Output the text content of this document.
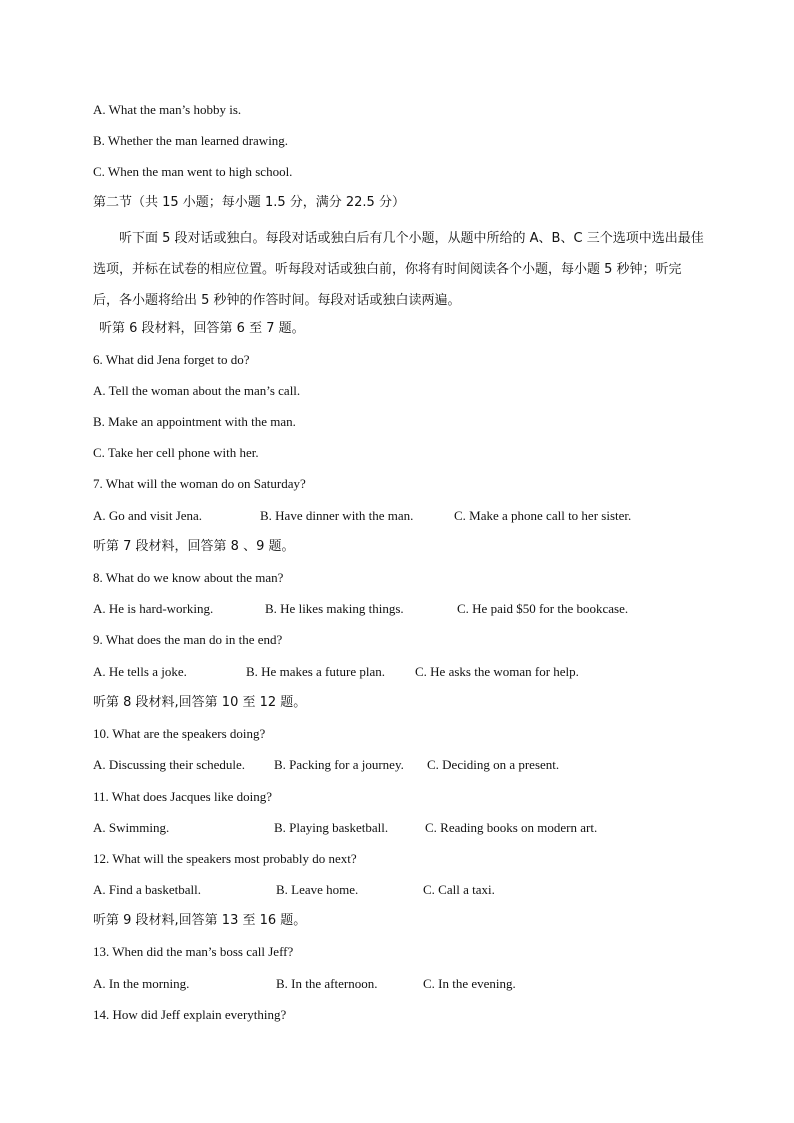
A. What the man’s hobby is.
B. Whether the man learned drawing.
C. When the man went to high school.
第二节（共 15 小题；每小题 1.5 分，满分 22.5 分）
听下面 5 段对话或独白。每段对话或独白后有几个小题，从题中所给的 A、B、C 三个选项中选出最佳选项，并标在试卷的相应位置。听每段对话或独白前，你将有时间阅读各个小题，每小题 5 秒钟；听完后，各小题将给出 5 秒钟的作答时间。每段对话或独白读两遍。
听第 6 段材料，回答第 6 至 7 题。
6. What did Jena forget to do?
A. Tell the woman about the man’s call.
B. Make an appointment with the man.
C. Take her cell phone with her.
7. What will the woman do on Saturday?
A. Go and visit Jena.	B. Have dinner with the man.	C. Make a phone call to her sister.
听第 7 段材料，回答第 8 、9 题。
8. What do we know about the man?
A. He is hard-working.	B. He likes making things.	C. He paid $50 for the bookcase.
9. What does the man do in the end?
A. He tells a joke.	B. He makes a future plan. C. He asks the woman for help.
听第 8 段材料,回答第 10 至 12 题。
10. What are the speakers doing?
A. Discussing their schedule. B. Packing for a journey. C. Deciding on a present.
11. What does Jacques like doing?
A. Swimming.	B. Playing basketball.	C. Reading books on modern art.
12. What will the speakers most probably do next?
A. Find a basketball.	B. Leave home.	C. Call a taxi.
听第 9 段材料,回答第 13 至 16 题。
13. When did the man’s boss call Jeff?
A. In the morning.	B. In the afternoon.	C. In the evening.
14. How did Jeff explain everything?
